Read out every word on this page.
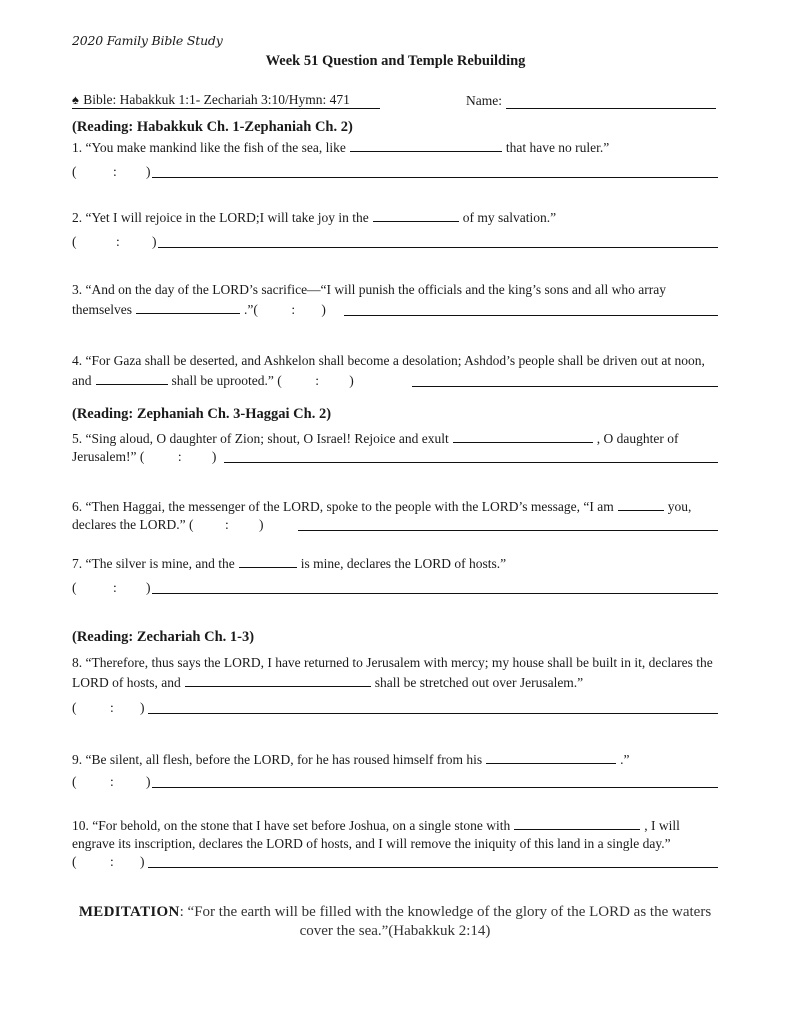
2020 Family Bible Study
Week 51 Question and Temple Rebuilding
♠ Bible: Habakkuk 1:1- Zechariah 3:10/Hymn: 471	Name:
(Reading: Habakkuk Ch. 1-Zephaniah Ch. 2)
1. “You make mankind like the fish of the sea, like	that have no ruler.”
(	: )
2. “Yet I will rejoice in the LORD;I will take joy in the	of my salvation.”
(	: )
3. “And on the day of the LORD’s sacrifice—“I will punish the officials and the king’s sons and all who array themselves	.”( : )
4. “For Gaza shall be deserted, and Ashkelon shall become a desolation; Ashdod’s people shall be driven out at noon, and	shall be uprooted.” ( : )
(Reading: Zephaniah Ch. 3-Haggai Ch. 2)
5. “Sing aloud, O daughter of Zion; shout, O Israel! Rejoice and exult	, O daughter of Jerusalem!” ( : )
6. “Then Haggai, the messenger of the LORD, spoke to the people with the LORD’s message, “I am	you, declares the LORD.” ( : )
7. “The silver is mine, and the	is mine, declares the LORD of hosts.”
(	: )
(Reading: Zechariah Ch. 1-3)
8. “Therefore, thus says the LORD, I have returned to Jerusalem with mercy; my house shall be built in it, declares the LORD of hosts, and	shall be stretched out over Jerusalem.”
( : )
9. “Be silent, all flesh, before the LORD, for he has roused himself from his	.”
( : )
10. “For behold, on the stone that I have set before Joshua, on a single stone with	, I will engrave its inscription, declares the LORD of hosts, and I will remove the iniquity of this land in a single day.”
( : )
MEDITATION: “For the earth will be filled with the knowledge of the glory of the LORD as the waters cover the sea.”(Habakkuk 2:14)
